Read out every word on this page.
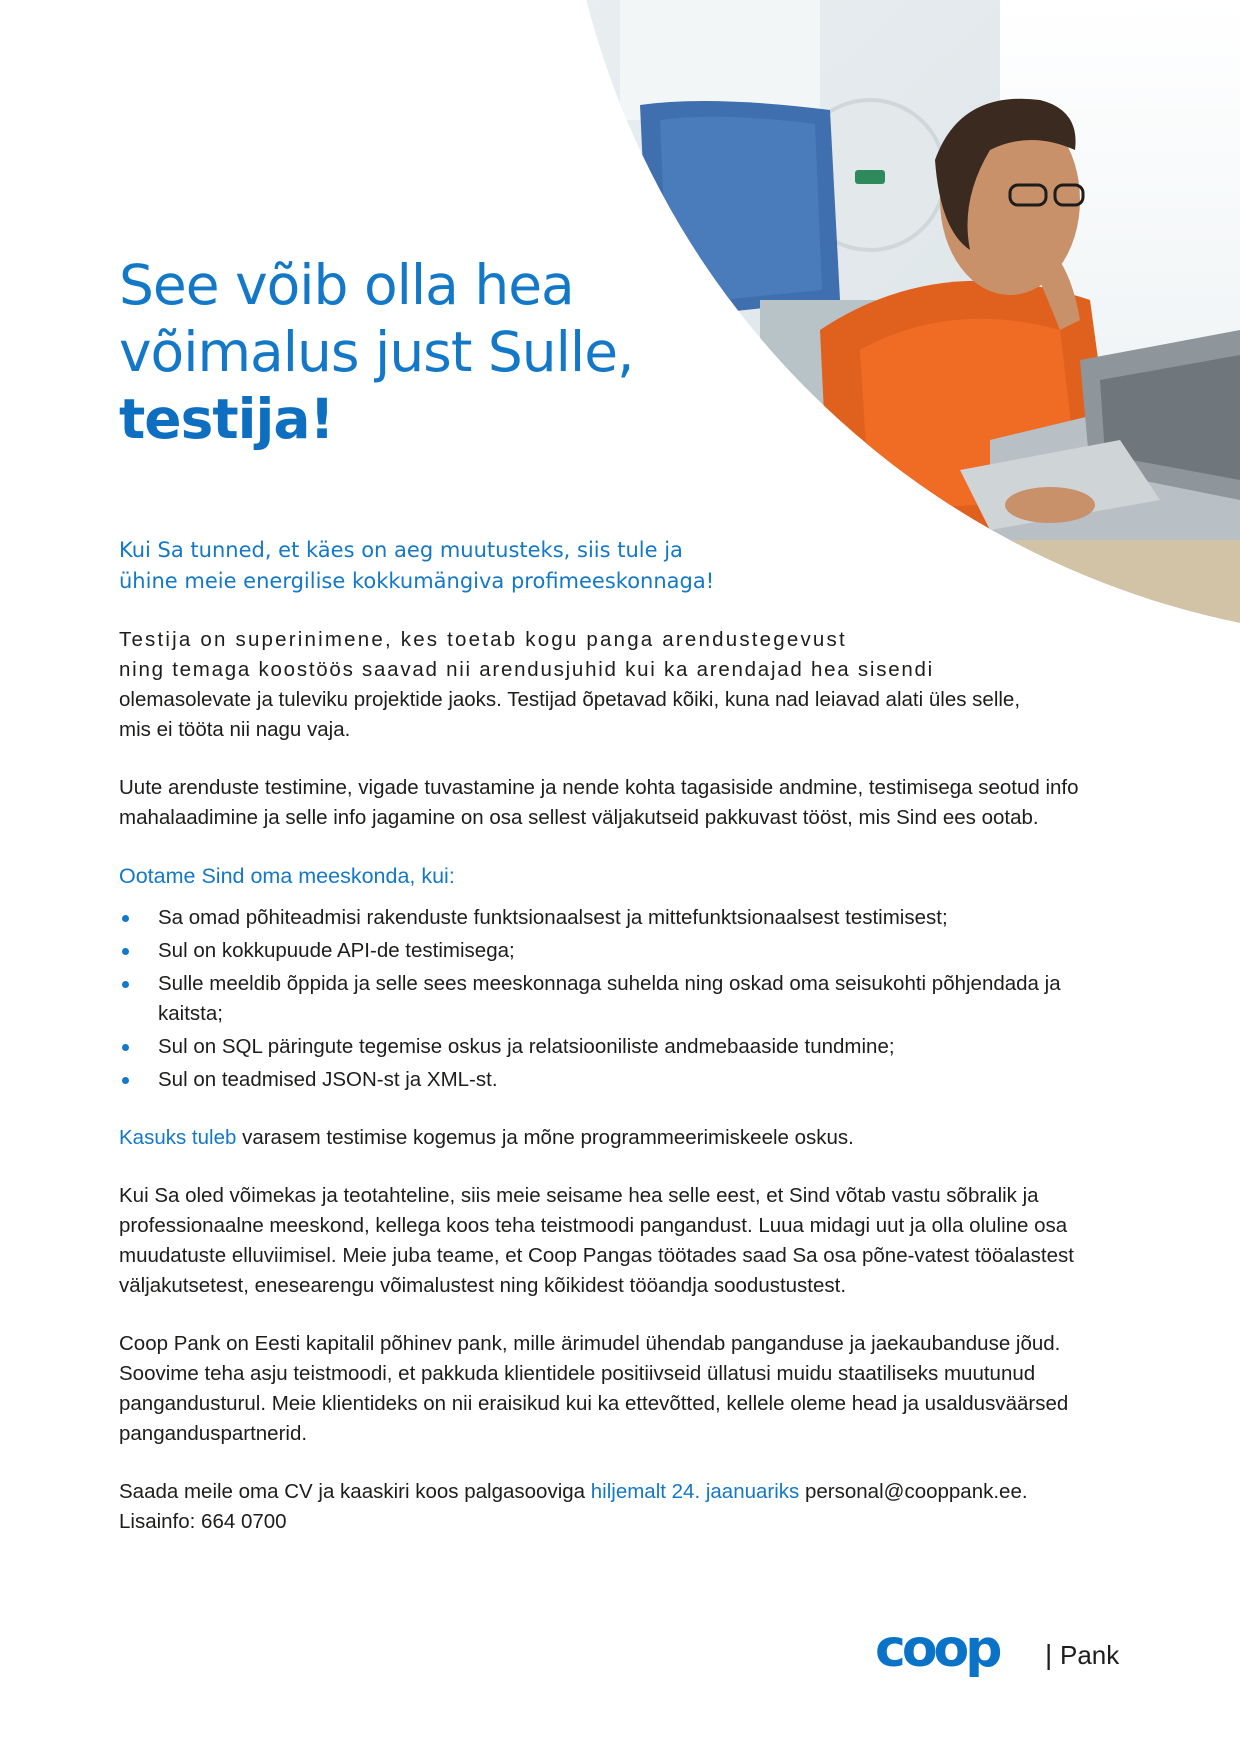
See võib olla hea
võimalus just Sulle,
testija!

Kui Sa tunned, et käes on aeg muutusteks, siis tule ja
ühine meie energilise kokkumängiva profimeeskonnaga!

Testija on superinimene, kes toetab kogu panga arendustegevust
ning temaga koostöös saavad nii arendusjuhid kui ka arendajad hea sisendi
olemasolevate ja tuleviku projektide jaoks. Testijad õpetavad kõiki, kuna nad leiavad alati üles selle,
mis ei tööta nii nagu vaja.

Uute arenduste testimine, vigade tuvastamine ja nende kohta tagasiside andmine, testimisega seotud info mahalaadimine ja selle info jagamine on osa sellest väljakutseid pakkuvast tööst, mis Sind ees ootab.

Ootame Sind oma meeskonda, kui:

Sa omad põhiteadmisi rakenduste funktsionaalsest ja mittefunktsionaalsest testimisest;
Sul on kokkupuude API-de testimisega;
Sulle meeldib õppida ja selle sees meeskonnaga suhelda ning oskad oma seisukohti põhjendada ja kaitsta;
Sul on SQL päringute tegemise oskus ja relatsiooniliste andmebaaside tundmine;
Sul on teadmised JSON-st ja XML-st.

Kasuks tuleb varasem testimise kogemus ja mõne programmeerimiskeele oskus.

Kui Sa oled võimekas ja teotahteline, siis meie seisame hea selle eest, et Sind võtab vastu sõbralik ja professionaalne meeskond, kellega koos teha teistmoodi pangandust. Luua midagi uut ja olla oluline osa muudatuste elluviimisel. Meie juba teame, et Coop Pangas töötades saad Sa osa põne-vatest tööalastest väljakutsetest, enesearengu võimalustest ning kõikidest tööandja soodustustest.

Coop Pank on Eesti kapitalil põhinev pank, mille ärimudel ühendab panganduse ja jaekaubanduse jõud. Soovime teha asju teistmoodi, et pakkuda klientidele positiivseid üllatusi muidu staatiliseks muutunud pangandusturul. Meie klientideks on nii eraisikud kui ka ettevõtted, kellele oleme head ja usaldusväärsed panganduspartnerid.

Saada meile oma CV ja kaaskiri koos palgasooviga hiljemalt 24. jaanuariks personal@cooppank.ee.
Lisainfo: 664 0700

coop | Pank
